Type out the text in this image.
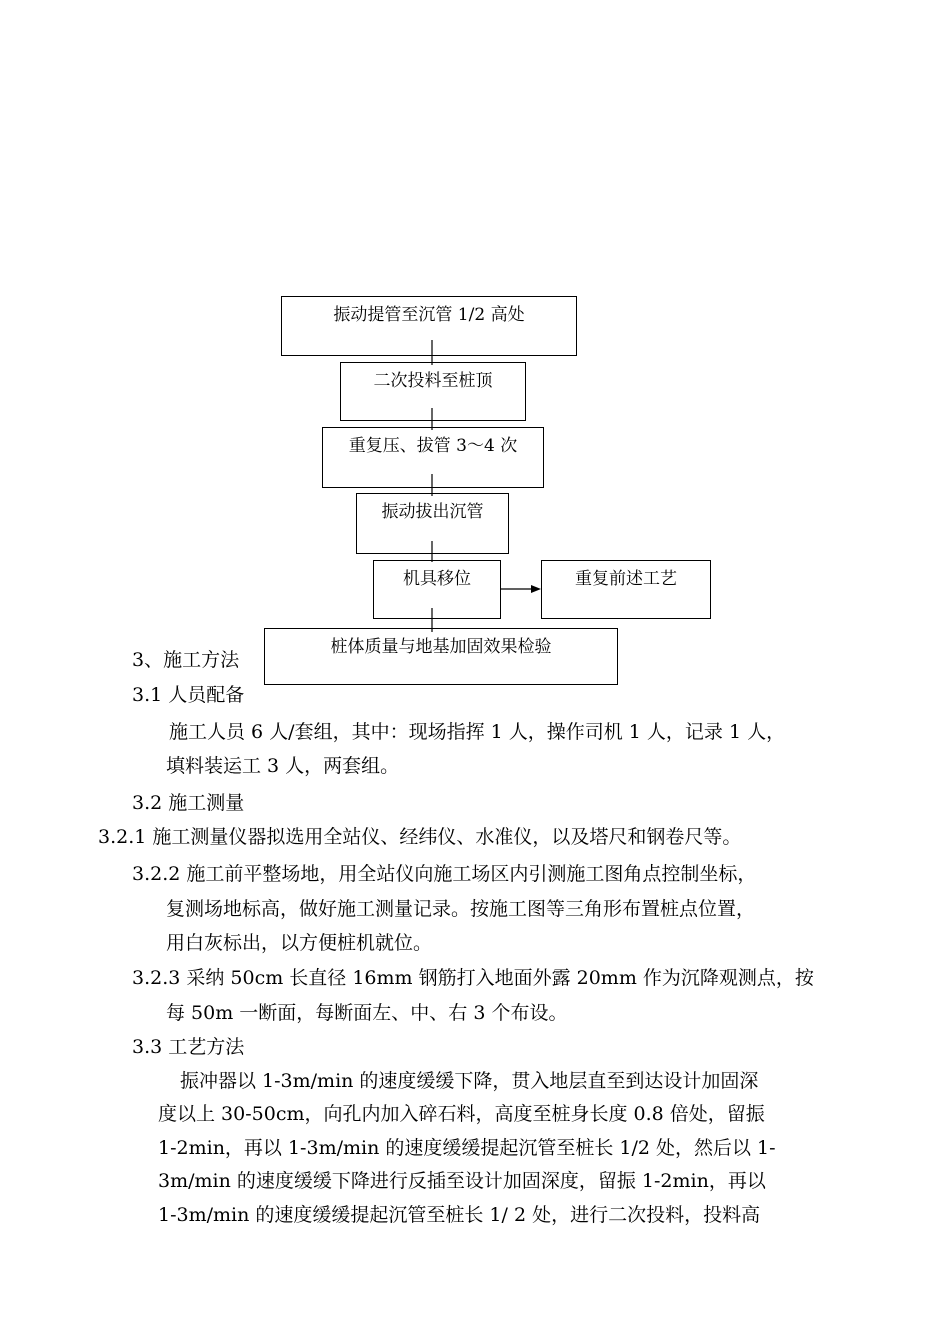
振动提管至沉管 1/2 高处
二次投料至桩顶
重复压、拔管 3～4 次
振动拔出沉管
机具移位	重复前述工艺
桩体质量与地基加固效果检验
3、施工方法
3.1 人员配备
施工人员 6 人/套组，其中：现场指挥 1 人，操作司机 1 人，记录 1 人，
填料装运工 3 人，两套组。
3.2 施工测量
3.2.1 施工测量仪器拟选用全站仪、经纬仪、水准仪，以及塔尺和钢卷尺等。
3.2.2 施工前平整场地，用全站仪向施工场区内引测施工图角点控制坐标，
复测场地标高，做好施工测量记录。按施工图等三角形布置桩点位置，
用白灰标出，以方便桩机就位。
3.2.3 采纳 50cm 长直径 16mm 钢筋打入地面外露 20mm 作为沉降观测点，按
每 50m 一断面，每断面左、中、右 3 个布设。
3.3 工艺方法
振冲器以 1-3m/min 的速度缓缓下降，贯入地层直至到达设计加固深
度以上 30-50cm，向孔内加入碎石料，高度至桩身长度 0.8 倍处，留振
1-2min，再以 1-3m/min 的速度缓缓提起沉管至桩长 1/2 处，然后以 1-
3m/min 的速度缓缓下降进行反插至设计加固深度，留振 1-2min，再以
1-3m/min 的速度缓缓提起沉管至桩长 1/ 2 处，进行二次投料，投料高
